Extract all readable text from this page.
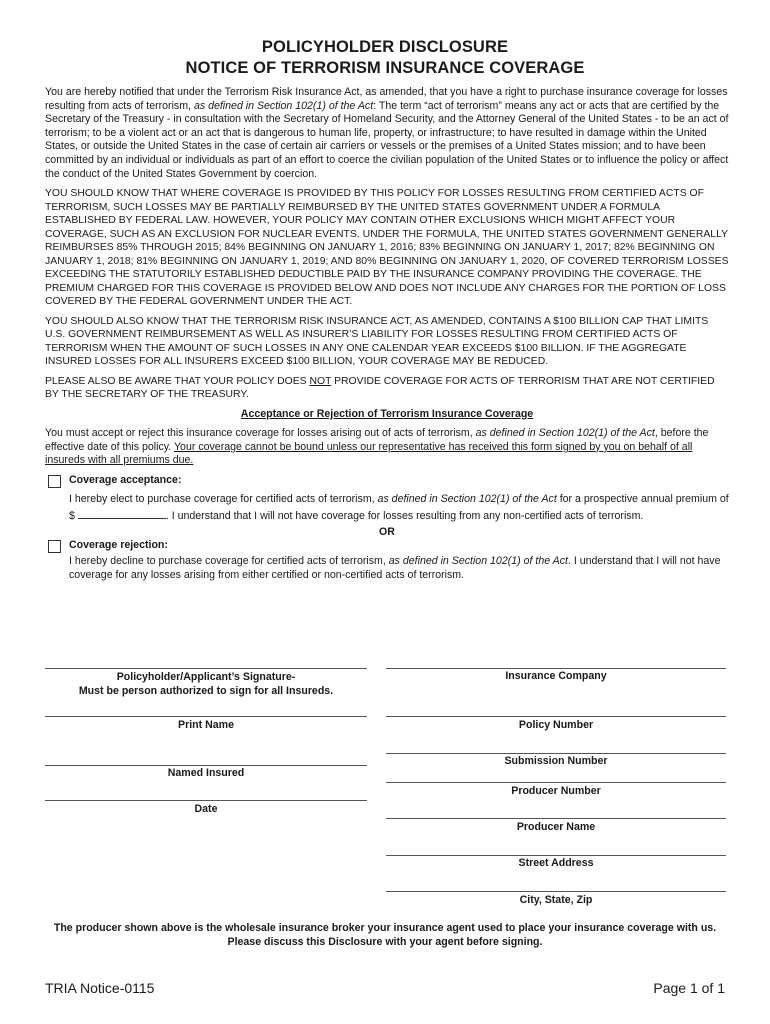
POLICYHOLDER DISCLOSURE
NOTICE OF TERRORISM INSURANCE COVERAGE

You are hereby notified that under the Terrorism Risk Insurance Act, as amended, that you have a right to purchase insurance coverage for losses resulting from acts of terrorism, as defined in Section 102(1) of the Act: The term “act of terrorism” means any act or acts that are certified by the Secretary of the Treasury - in consultation with the Secretary of Homeland Security, and the Attorney General of the United States - to be an act of terrorism; to be a violent act or an act that is dangerous to human life, property, or infrastructure; to have resulted in damage within the United States, or outside the United States in the case of certain air carriers or vessels or the premises of a United States mission; and to have been committed by an individual or individuals as part of an effort to coerce the civilian population of the United States or to influence the policy or affect the conduct of the United States Government by coercion.

YOU SHOULD KNOW THAT WHERE COVERAGE IS PROVIDED BY THIS POLICY FOR LOSSES RESULTING FROM CERTIFIED ACTS OF TERRORISM, SUCH LOSSES MAY BE PARTIALLY REIMBURSED BY THE UNITED STATES GOVERNMENT UNDER A FORMULA ESTABLISHED BY FEDERAL LAW. HOWEVER, YOUR POLICY MAY CONTAIN OTHER EXCLUSIONS WHICH MIGHT AFFECT YOUR COVERAGE, SUCH AS AN EXCLUSION FOR NUCLEAR EVENTS. UNDER THE FORMULA, THE UNITED STATES GOVERNMENT GENERALLY REIMBURSES 85% THROUGH 2015; 84% BEGINNING ON JANUARY 1, 2016; 83% BEGINNING ON JANUARY 1, 2017; 82% BEGINNING ON JANUARY 1, 2018; 81% BEGINNING ON JANUARY 1, 2019; AND 80% BEGINNING ON JANUARY 1, 2020, OF COVERED TERRORISM LOSSES EXCEEDING THE STATUTORILY ESTABLISHED DEDUCTIBLE PAID BY THE INSURANCE COMPANY PROVIDING THE COVERAGE. THE PREMIUM CHARGED FOR THIS COVERAGE IS PROVIDED BELOW AND DOES NOT INCLUDE ANY CHARGES FOR THE PORTION OF LOSS COVERED BY THE FEDERAL GOVERNMENT UNDER THE ACT.

YOU SHOULD ALSO KNOW THAT THE TERRORISM RISK INSURANCE ACT, AS AMENDED, CONTAINS A $100 BILLION CAP THAT LIMITS U.S. GOVERNMENT REIMBURSEMENT AS WELL AS INSURER’S LIABILITY FOR LOSSES RESULTING FROM CERTIFIED ACTS OF TERRORISM WHEN THE AMOUNT OF SUCH LOSSES IN ANY ONE CALENDAR YEAR EXCEEDS $100 BILLION. IF THE AGGREGATE INSURED LOSSES FOR ALL INSURERS EXCEED $100 BILLION, YOUR COVERAGE MAY BE REDUCED.

PLEASE ALSO BE AWARE THAT YOUR POLICY DOES NOT PROVIDE COVERAGE FOR ACTS OF TERRORISM THAT ARE NOT CERTIFIED BY THE SECRETARY OF THE TREASURY.

Acceptance or Rejection of Terrorism Insurance Coverage

You must accept or reject this insurance coverage for losses arising out of acts of terrorism, as defined in Section 102(1) of the Act, before the effective date of this policy. Your coverage cannot be bound unless our representative has received this form signed by you on behalf of all insureds with all premiums due.

Coverage acceptance:
I hereby elect to purchase coverage for certified acts of terrorism, as defined in Section 102(1) of the Act for a prospective annual premium of $	. I understand that I will not have coverage for losses resulting from any non-certified acts of terrorism.
OR
Coverage rejection:
I hereby decline to purchase coverage for certified acts of terrorism, as defined in Section 102(1) of the Act. I understand that I will not have coverage for any losses arising from either certified or non-certified acts of terrorism.
Policyholder/Applicant’s Signature-
Must be person authorized to sign for all Insureds.
Print Name
Named Insured
Date
Insurance Company
Policy Number
Submission Number
Producer Number
Producer Name
Street Address
City, State, Zip
The producer shown above is the wholesale insurance broker your insurance agent used to place your insurance coverage with us. Please discuss this Disclosure with your agent before signing.
TRIA Notice-0115	Page 1 of 1
